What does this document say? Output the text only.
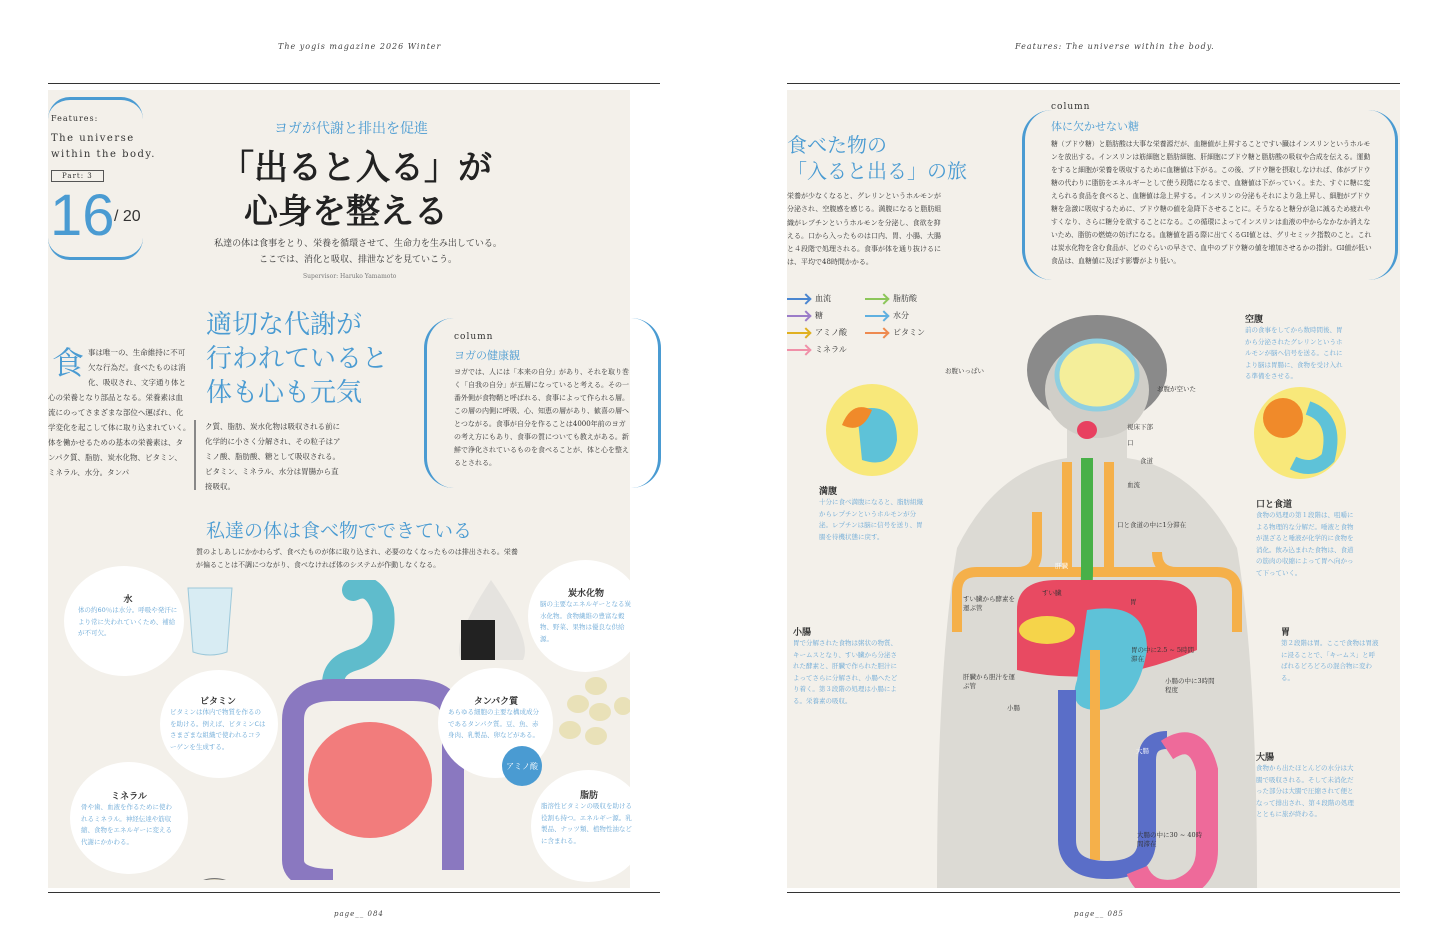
The yogis magazine 2026 Winter	Features: The universe within the body.
page__ 084	page__ 085
Features:
The universe
within the body.
Part: 3
16 / 20
ヨガが代謝と排出を促進
「出ると入る」が
心身を整える
私達の体は食事をとり、栄養を循環させて、生命力を生み出している。
ここでは、消化と吸収、排泄などを見ていこう。
Supervisor: Haruko Yamamoto
適切な代謝が
行われていると
体も心も元気
食 事は唯一の、生命維持に不可欠な行為だ。食べたものは消化、吸収され、文字通り体と心の栄養となり部品となる。栄養素は血流にのってさまざまな部位へ運ばれ、化学変化を起こして体に取り込まれていく。　体を働かせるための基本の栄養素は、タンパク質、脂肪、炭水化物、ビタミン、ミネラル、水分。タンパ
ク質、脂肪、炭水化物は吸収される前に化学的に小さく分解され、その粒子はアミノ酸、脂肪酸、糖として吸収される。ビタミン、ミネラル、水分は胃腸から直接吸収。
column
ヨガの健康観
ヨガでは、人には「本来の自分」があり、それを取り巻く「自我の自分」が五層になっていると考える。その一番外側が食物鞘と呼ばれる、食事によって作られる層。この層の内側に呼吸、心、知恵の層があり、歓喜の層へとつながる。食事が自分を作ることは4000年前のヨガの考え方にもあり、食事の質についても教えがある。新鮮で浄化されているものを食べることが、体と心を整えるとされる。
私達の体は食べ物でできている
質のよしあしにかかわらず、食べたものが体に取り込まれ、必要のなくなったものは排出される。栄養が偏ることは不調につながり、食べなければ体のシステムが作動しなくなる。
水
体の約60％は水分。呼吸や発汗により常に失われていくため、補給が不可欠。
ビタミン
ビタミンは体内で物質を作るのを助ける。例えば、ビタミンCはさまざまな組織で使われるコラーゲンを生成する。
ミネラル
骨や歯、血液を作るために使われるミネラル。神経伝達や筋収縮、食物をエネルギーに変える代謝にかかわる。
炭水化物
脳の主要なエネルギーとなる炭水化物。食物繊維の豊富な穀物、野菜、果物は優良な供給源。
タンパク質
あらゆる細胞の主要な構成成分であるタンパク質。豆、魚、赤身肉、乳製品、卵などがある。
アミノ酸
脂肪
脂溶性ビタミンの吸収を助ける役割も持つ。エネルギー源。乳製品、ナッツ類、植物性油などに含まれる。
食べた物の
「入ると出る」の旅
栄養が少なくなると、グレリンというホルモンが分泌され、空腹感を感じる。満腹になると脂肪組織がレプチンというホルモンを分泌し、食欲を抑える。口から入ったものは口内、胃、小腸、大腸と４段階で処理される。食事が体を通り抜けるには、平均で48時間かかる。
血流	脂肪酸
糖	水分
アミノ酸	ビタミン
ミネラル
column
体に欠かせない糖
糖（ブドウ糖）と脂肪酸は大事な栄養源だが、血糖値が上昇することですい臓はインスリンというホルモンを放出する。インスリンは筋細胞と脂肪細胞、肝細胞にブドウ糖と脂肪酸の吸収や合成を伝える。運動をすると細胞が栄養を吸収するために血糖値は下がる。この後、ブドウ糖を摂取しなければ、体がブドウ糖の代わりに脂肪をエネルギーとして使う段階になるまで、血糖値は下がっていく。また、すぐに糖に変えられる食品を食べると、血糖値は急上昇する。インスリンの分泌もそれにより急上昇し、細胞がブドウ糖を急激に吸収するために、ブドウ糖の値を急降下させることに。そうなると糖分が急に減るため疲れやすくなり、さらに糖分を欲することになる。この循環によってインスリンは血液の中からなかなか消えないため、脂肪の燃焼の妨げになる。血糖値を語る際に出てくるGI値とは、グリセミック指数のこと。これは炭水化物を含む食品が、どのぐらいの早さで、血中のブドウ糖の値を増加させるかの指針。GI値が低い食品は、血糖値に及ぼす影響がより低い。
お腹いっぱい
お腹が空いた
視床下部
口
食道
血流
口と食道の中に1分滞在
肝臓
すい臓
胃
すい臓から酵素を運ぶ管
肝臓から胆汁を運ぶ管
胃の中に2.5 ~ 5時間滞在
小腸の中に3時間程度
小腸
大腸
大腸の中に30 ~ 40時間滞在
空腹
前の食事をしてから数時間後、胃から分泌されたグレリンというホルモンが脳へ信号を送る。これにより脳は胃腸に、食物を受け入れる準備をさせる。
満腹
十分に食べ満腹になると、脂肪組織からレプチンというホルモンが分泌。レプチンは脳に信号を送り、胃腸を待機状態に戻す。
口と食道
食物の処理の第１段階は、咀嚼による物理的な分解だ。唾液と食物が混ざると唾液が化学的に食物を消化。飲み込まれた食物は、食道の筋肉の収縮によって胃へ向かって下っていく。
胃
第２段階は胃。ここで食物は胃液に浸ることで、「キームス」と呼ばれるどろどろの混合物に変わる。
小腸
胃で分解された食物は粥状の物質、キームスとなり、すい臓から分泌された酵素と、肝臓で作られた胆汁によってさらに分解され、小腸へたどり着く。第３段階の処理は小腸による。栄養素の吸収。
大腸
食物から出たほとんどの水分は大腸で吸収される。そして未消化だった部分は大腸で圧縮されて便となって排出され、第４段階の処理とともに旅が終わる。
